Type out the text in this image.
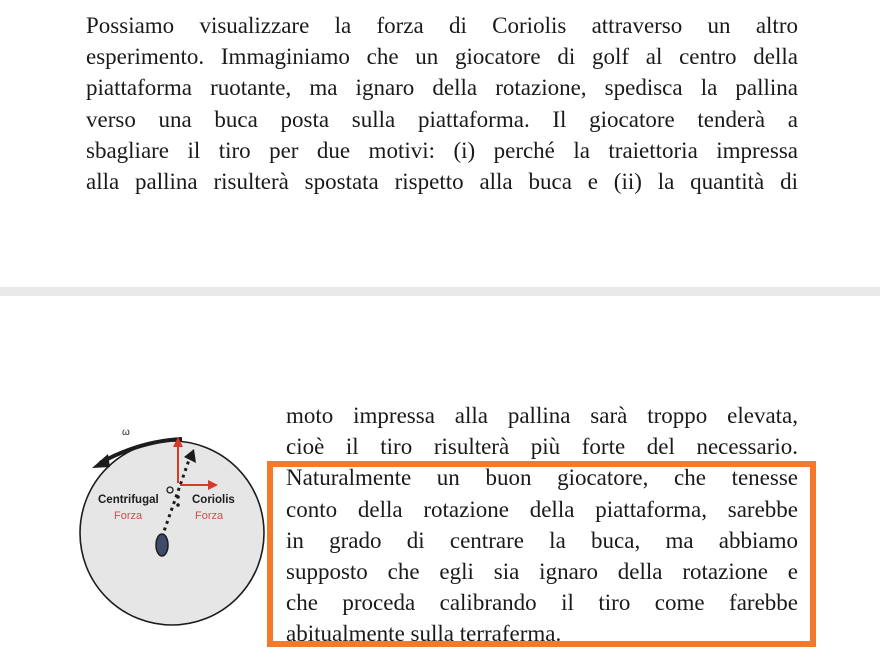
Possiamo visualizzare la forza di Coriolis attraverso un altro
esperimento. Immaginiamo che un giocatore di golf al centro della
piattaforma ruotante, ma ignaro della rotazione, spedisca la pallina
verso una buca posta sulla piattaforma. Il giocatore tenderà a
sbagliare il tiro per due motivi: (i) perché la traiettoria impressa
alla pallina risulterà spostata rispetto alla buca e (ii) la quantità di

ω
Centrifugal
Forza
Coriolis
Forza

moto impressa alla pallina sarà troppo elevata,
cioè il tiro risulterà più forte del necessario.
Naturalmente un buon giocatore, che tenesse
conto della rotazione della piattaforma, sarebbe
in grado di centrare la buca, ma abbiamo
supposto che egli sia ignaro della rotazione e
che proceda calibrando il tiro come farebbe
abitualmente sulla terraferma.
